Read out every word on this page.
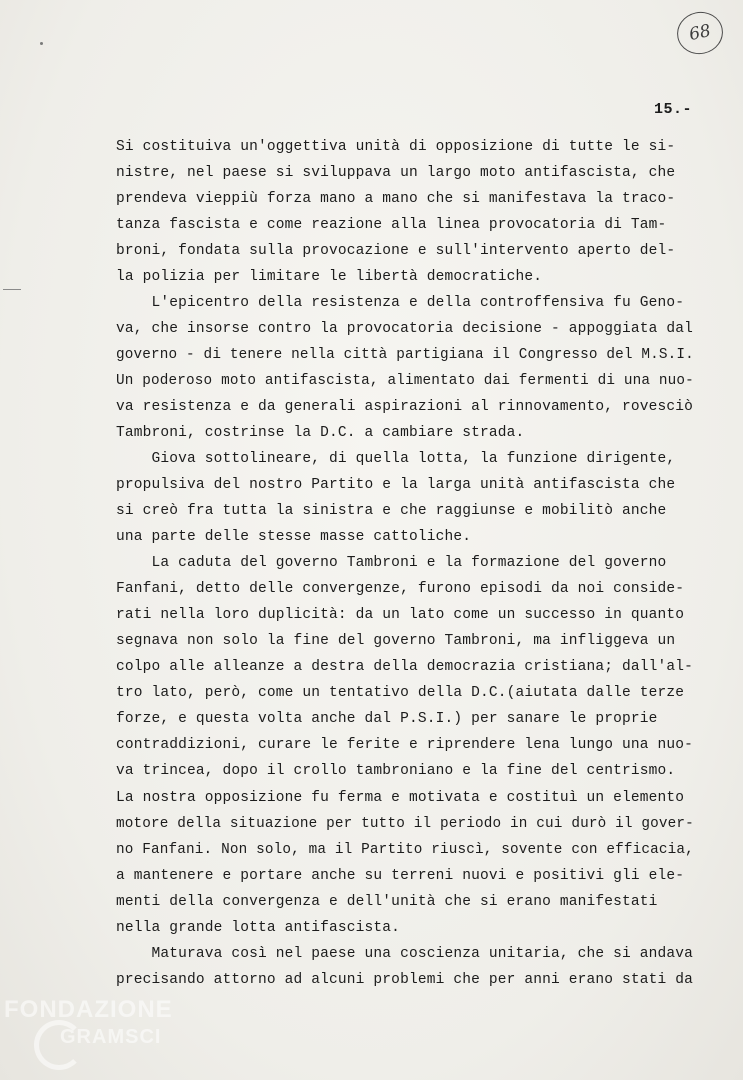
68
15.-
Si costituiva un'oggettiva unità di opposizione di tutte le si-
nistre, nel paese si sviluppava un largo moto antifascista, che
prendeva vieppiù forza mano a mano che si manifestava la traco-
tanza fascista e come reazione alla linea provocatoria di Tam-
broni, fondata sulla provocazione e sull'intervento aperto del-
la polizia per limitare le libertà democratiche.
L'epicentro della resistenza e della controffensiva fu Geno-
va, che insorse contro la provocatoria decisione - appoggiata dal
governo - di tenere nella città partigiana il Congresso del M.S.I.
Un poderoso moto antifascista, alimentato dai fermenti di una nuo-
va resistenza e da generali aspirazioni al rinnovamento, rovesciò
Tambroni, costrinse la D.C. a cambiare strada.
Giova sottolineare, di quella lotta, la funzione dirigente,
propulsiva del nostro Partito e la larga unità antifascista che
si creò fra tutta la sinistra e che raggiunse e mobilitò anche
una parte delle stesse masse cattoliche.
La caduta del governo Tambroni e la formazione del governo
Fanfani, detto delle convergenze, furono episodi da noi conside-
rati nella loro duplicità: da un lato come un successo in quanto
segnava non solo la fine del governo Tambroni, ma infliggeva un
colpo alle alleanze a destra della democrazia cristiana; dall'al-
tro lato, però, come un tentativo della D.C.(aiutata dalle terze
forze, e questa volta anche dal P.S.I.) per sanare le proprie
contraddizioni, curare le ferite e riprendere lena lungo una nuo-
va trincea, dopo il crollo tambroniano e la fine del centrismo.
La nostra opposizione fu ferma e motivata e costituì un elemento
motore della situazione per tutto il periodo in cui durò il gover-
no Fanfani. Non solo, ma il Partito riuscì, sovente con efficacia,
a mantenere e portare anche su terreni nuovi e positivi gli ele-
menti della convergenza e dell'unità che si erano manifestati
nella grande lotta antifascista.
Maturava così nel paese una coscienza unitaria, che si andava
precisando attorno ad alcuni problemi che per anni erano stati da
FONDAZIONE
GRAMSCI
